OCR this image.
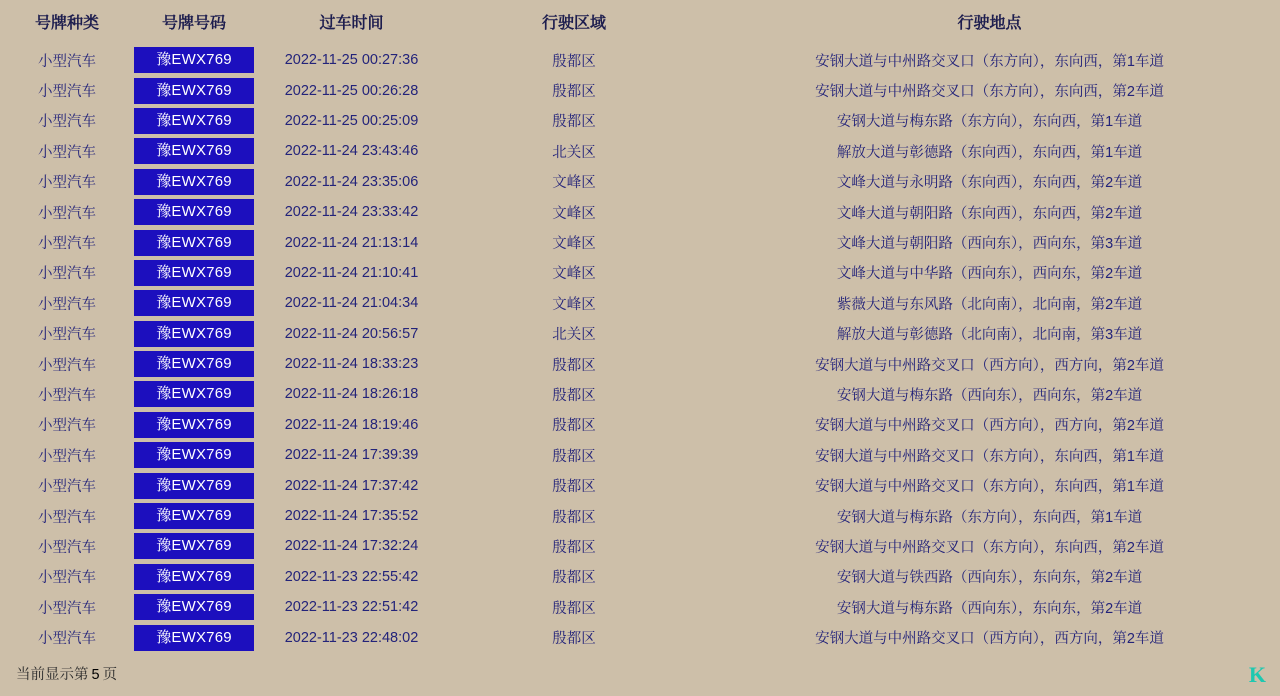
号牌种类	号牌号码	过车时间	行驶区域	行驶地点
小型汽车	豫EWX769	2022-11-25 00:27:36	殷都区	安钢大道与中州路交叉口（东方向），东向西，第1车道
小型汽车	豫EWX769	2022-11-25 00:26:28	殷都区	安钢大道与中州路交叉口（东方向），东向西，第2车道
小型汽车	豫EWX769	2022-11-25 00:25:09	殷都区	安钢大道与梅东路（东方向），东向西，第1车道
小型汽车	豫EWX769	2022-11-24 23:43:46	北关区	解放大道与彰德路（东向西），东向西，第1车道
小型汽车	豫EWX769	2022-11-24 23:35:06	文峰区	文峰大道与永明路（东向西），东向西，第2车道
小型汽车	豫EWX769	2022-11-24 23:33:42	文峰区	文峰大道与朝阳路（东向西），东向西，第2车道
小型汽车	豫EWX769	2022-11-24 21:13:14	文峰区	文峰大道与朝阳路（西向东），西向东，第3车道
小型汽车	豫EWX769	2022-11-24 21:10:41	文峰区	文峰大道与中华路（西向东），西向东，第2车道
小型汽车	豫EWX769	2022-11-24 21:04:34	文峰区	紫薇大道与东风路（北向南），北向南，第2车道
小型汽车	豫EWX769	2022-11-24 20:56:57	北关区	解放大道与彰德路（北向南），北向南，第3车道
小型汽车	豫EWX769	2022-11-24 18:33:23	殷都区	安钢大道与中州路交叉口（西方向），西方向，第2车道
小型汽车	豫EWX769	2022-11-24 18:26:18	殷都区	安钢大道与梅东路（西向东），西向东，第2车道
小型汽车	豫EWX769	2022-11-24 18:19:46	殷都区	安钢大道与中州路交叉口（西方向），西方向，第2车道
小型汽车	豫EWX769	2022-11-24 17:39:39	殷都区	安钢大道与中州路交叉口（东方向），东向西，第1车道
小型汽车	豫EWX769	2022-11-24 17:37:42	殷都区	安钢大道与中州路交叉口（东方向），东向西，第1车道
小型汽车	豫EWX769	2022-11-24 17:35:52	殷都区	安钢大道与梅东路（东方向），东向西，第1车道
小型汽车	豫EWX769	2022-11-24 17:32:24	殷都区	安钢大道与中州路交叉口（东方向），东向西，第2车道
小型汽车	豫EWX769	2022-11-23 22:55:42	殷都区	安钢大道与铁西路（西向东），东向东，第2车道
小型汽车	豫EWX769	2022-11-23 22:51:42	殷都区	安钢大道与梅东路（西向东），东向东，第2车道
小型汽车	豫EWX769	2022-11-23 22:48:02	殷都区	安钢大道与中州路交叉口（西方向），西方向，第2车道
当前显示第 5 页	K
